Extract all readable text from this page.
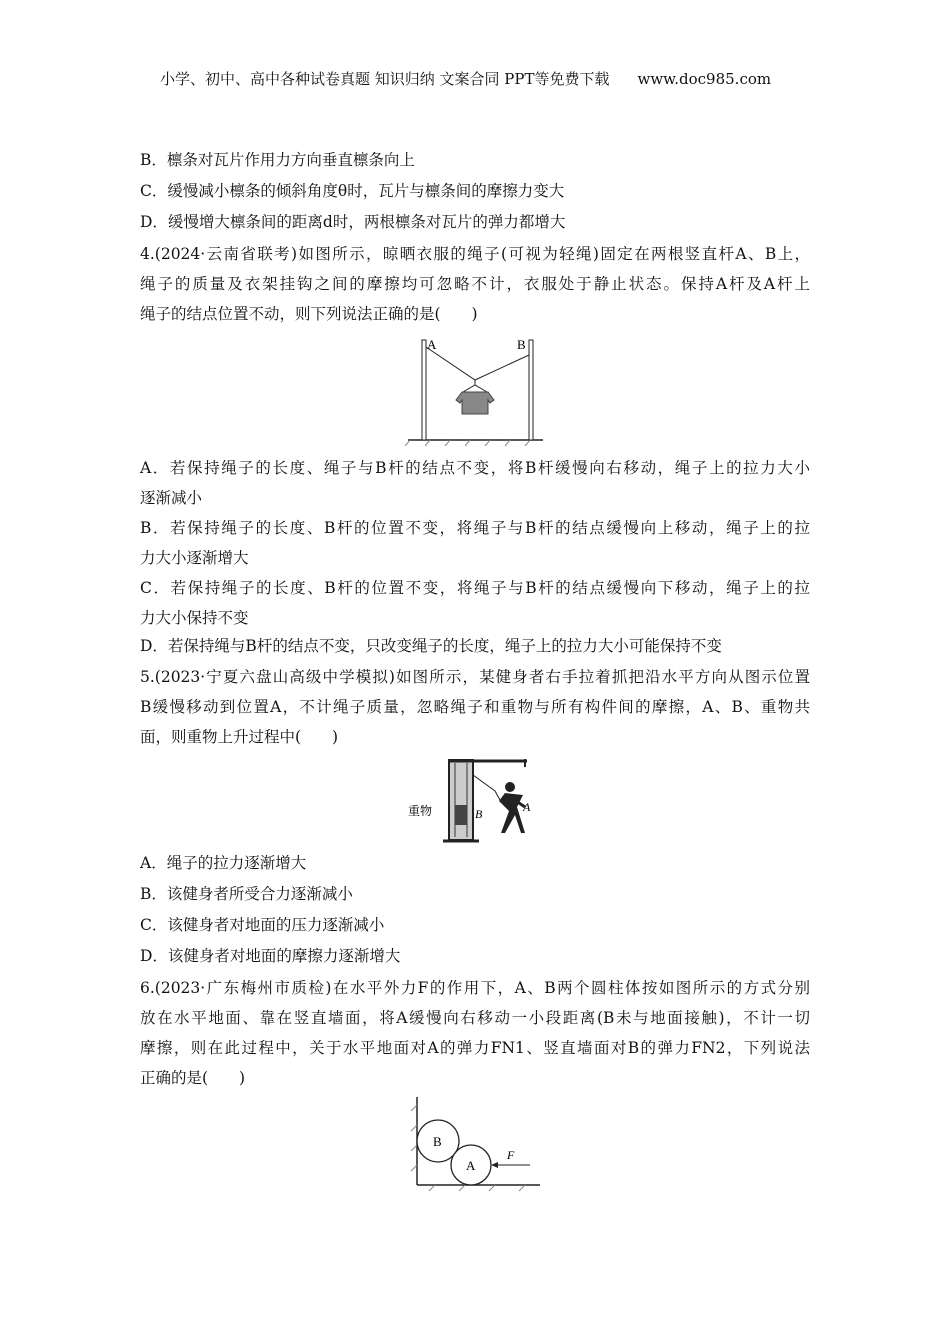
小学、初中、高中各种试卷真题 知识归纳 文案合同 PPT等免费下载 www.doc985.com
B．檩条对瓦片作用力方向垂直檩条向上
C．缓慢减小檩条的倾斜角度θ时，瓦片与檩条间的摩擦力变大
D．缓慢增大檩条间的距离d时，两根檩条对瓦片的弹力都增大
4.(2024·云南省联考)如图所示，晾晒衣服的绳子(可视为轻绳)固定在两根竖直杆A、B上，
绳子的质量及衣架挂钩之间的摩擦均可忽略不计，衣服处于静止状态。保持A杆及A杆上
绳子的结点位置不动，则下列说法正确的是(　　)
A	B
A．若保持绳子的长度、绳子与B杆的结点不变，将B杆缓慢向右移动，绳子上的拉力大小
逐渐减小
B．若保持绳子的长度、B杆的位置不变，将绳子与B杆的结点缓慢向上移动，绳子上的拉
力大小逐渐增大
C．若保持绳子的长度、B杆的位置不变，将绳子与B杆的结点缓慢向下移动，绳子上的拉
力大小保持不变
D．若保持绳与B杆的结点不变，只改变绳子的长度，绳子上的拉力大小可能保持不变
5.(2023·宁夏六盘山高级中学模拟)如图所示，某健身者右手拉着抓把沿水平方向从图示位置
B缓慢移动到位置A，不计绳子质量，忽略绳子和重物与所有构件间的摩擦，A、B、重物共
面，则重物上升过程中(　　)
重物	B	A
A．绳子的拉力逐渐增大
B．该健身者所受合力逐渐减小
C．该健身者对地面的压力逐渐减小
D．该健身者对地面的摩擦力逐渐增大
6.(2023·广东梅州市质检)在水平外力F的作用下，A、B两个圆柱体按如图所示的方式分别
放在水平地面、靠在竖直墙面，将A缓慢向右移动一小段距离(B未与地面接触)，不计一切
摩擦，则在此过程中，关于水平地面对A的弹力FN1、竖直墙面对B的弹力FN2，下列说法
正确的是(　　)
B
A
F
